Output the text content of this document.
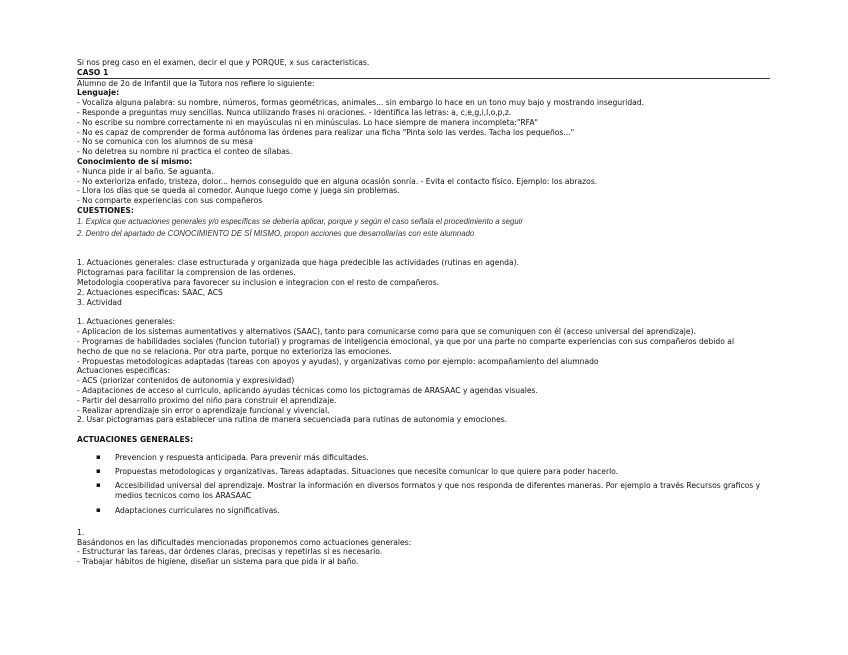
Si nos preg caso en el examen, decir el que y PORQUE, x sus caracteristicas.
CASO 1
Alumno de 2o de Infantil que la Tutora nos refiere lo siguiente:
Lenguaje:
- Vocaliza alguna palabra: su nombre, números, formas geométricas, animales... sin embargo lo hace en un tono muy bajo y mostrando inseguridad.
- Responde a preguntas muy sencillas. Nunca utilizando frases ni oraciones. - Identifica las letras: a, c,e,g,i,l,o,p,z.
- No escribe su nombre correctamente ni en mayúsculas ni en minúsculas. Lo hace siempre de manera incompleta:"RFA"
- No es capaz de comprender de forma autónoma las órdenes para realizar una ficha "Pinta solo las verdes. Tacha los pequeños..."
- No se comunica con los alumnos de su mesa
- No deletrea su nombre ni practica el conteo de sílabas.
Conocimiento de sí mismo:
- Nunca pide ir al baño. Se aguanta.
- No exterioriza enfado, tristeza, dolor... hemos conseguido que en alguna ocasión sonría. - Evita el contacto físico. Ejemplo: los abrazos.
- Llora los días que se queda al comedor. Aunque luego come y juega sin problemas.
- No comparte experiencias con sus compañeros
CUESTIONES:
1. Explica que actuaciones generales y/o específicas se debería aplicar, porque y según el caso señala el procedimiento a seguir
2. Dentro del apartado de CONOCIMIENTO DE SÍ MISMO, propon acciones que desarrollarías con este alumnado
1. Actuaciones generales: clase estructurada y organizada que haga predecible las actividades (rutinas en agenda).
Pictogramas para facilitar la comprension de las ordenes.
Metodologia cooperativa para favorecer su inclusion e integracion con el resto de compañeros.
2. Actuaciones especificas: SAAC, ACS
3. Actividad
1. Actuaciones generales:
- Aplicacion de los sistemas aumentativos y alternativos (SAAC), tanto para comunicarse como para que se comuniquen con él (acceso universal del aprendizaje).
- Programas de habilidades sociales (funcion tutorial) y programas de inteligencia emocional, ya que por una parte no comparte experiencias con sus compañeros debido al hecho de que no se relaciona. Por otra parte, porque no exterioriza las emociones.
- Propuestas metodologicas adaptadas (tareas con apoyos y ayudas), y organizativas como por ejemplo: acompañamiento del alumnado
Actuaciones especificas:
- ACS (priorizar contenidos de autonomia y expresividad)
- Adaptaciones de acceso al curriculo, aplicando ayudas técnicas como los pictogramas de ARASAAC y agendas visuales.
- Partir del desarrollo proximo del niño para construir el aprendizaje.
- Realizar aprendizaje sin error o aprendizaje funcional y vivencial.
2. Usar pictogramas para establecer una rutina de manera secuenciada para rutinas de autonomia y emociones.
ACTUACIONES GENERALES:
▪ Prevencion y respuesta anticipada. Para prevenir más dificultades.
▪ Propuestas metodologicas y organizativas. Tareas adaptadas. Situaciones que necesite comunicar lo que quiere para poder hacerlo.
▪ Accesibilidad universal del aprendizaje. Mostrar la información en diversos formatos y que nos responda de diferentes maneras. Por ejemplo a través Recursos graficos y medios tecnicos como los ARASAAC
▪ Adaptaciones curriculares no significativas.
1.
Basándonos en las dificultades mencionadas proponemos como actuaciones generales:
- Estructurar las tareas, dar órdenes claras, precisas y repetirlas si es necesario.
- Trabajar hábitos de higiene, diseñar un sistema para que pida ir al baño.
